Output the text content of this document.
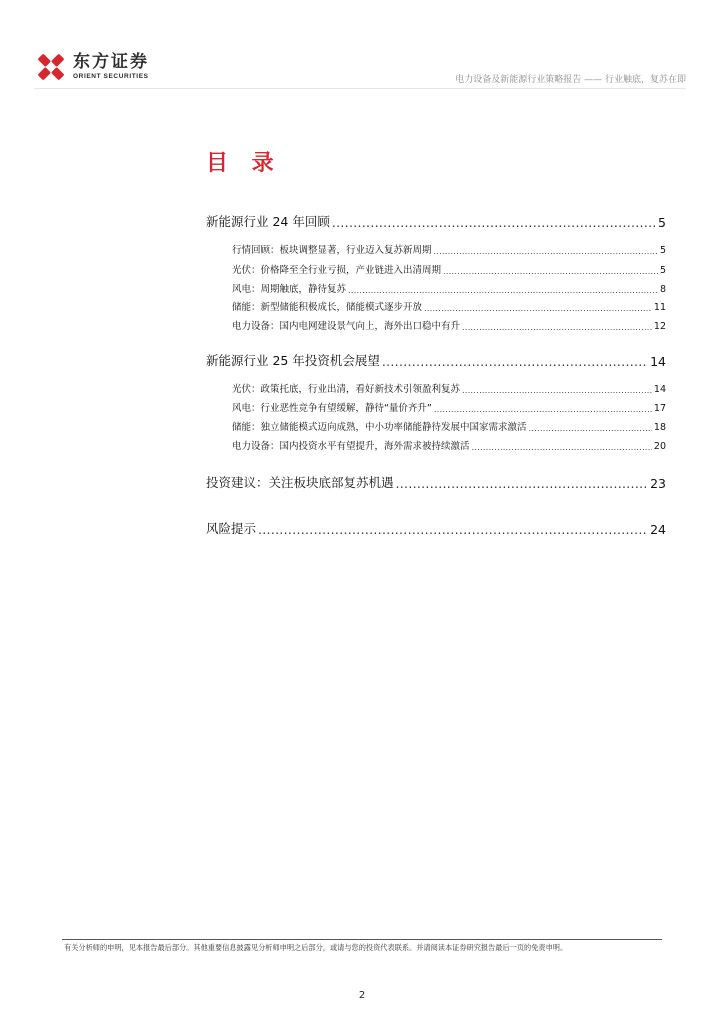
东方证券
ORIENT SECURITIES	电力设备及新能源行业策略报告 —— 行业触底，复苏在即
目 录
新能源行业 24 年回顾 .....	5
行情回顾：板块调整显著，行业迈入复苏新周期 .....	5
光伏：价格降至全行业亏损，产业链进入出清周期 .....	5
风电：周期触底，静待复苏 .....	8
储能：新型储能积极成长，储能模式逐步开放 .....	11
电力设备：国内电网建设景气向上，海外出口稳中有升 .....	12
新能源行业 25 年投资机会展望 .....	14
光伏：政策托底，行业出清，看好新技术引领盈利复苏 .....	14
风电：行业恶性竞争有望缓解，静待“量价齐升” .....	17
储能：独立储能模式迈向成熟，中小功率储能静待发展中国家需求激活 .....	18
电力设备：国内投资水平有望提升，海外需求被持续激活 .....	20
投资建议：关注板块底部复苏机遇 .....	23
风险提示 .....	24
有关分析师的申明，见本报告最后部分。其他重要信息披露见分析师申明之后部分，或请与您的投资代表联系。并请阅读本证券研究报告最后一页的免责申明。
2
